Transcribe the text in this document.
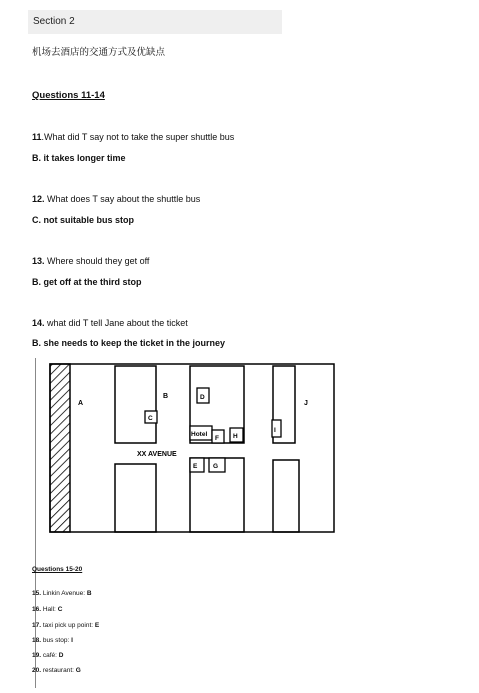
Section 2
机场去酒店的交通方式及优缺点
Questions 11-14
11.What did T say not to take the super shuttle bus
B. it takes longer time
12. What does T say about the shuttle bus
C. not suitable bus stop
13. Where should they get off
B. get off at the third stop
14. what did T tell Jane about the ticket
B. she needs to keep the ticket in the journey
A
B
C
D
Hotel
F H
I
J
E G
XX AVENUE
Questions 15-20
15. Linkin Avenue: B
16. Hall: C
17. taxi pick up point: E
18. bus stop: I
19. café: D
20. restaurant: G
